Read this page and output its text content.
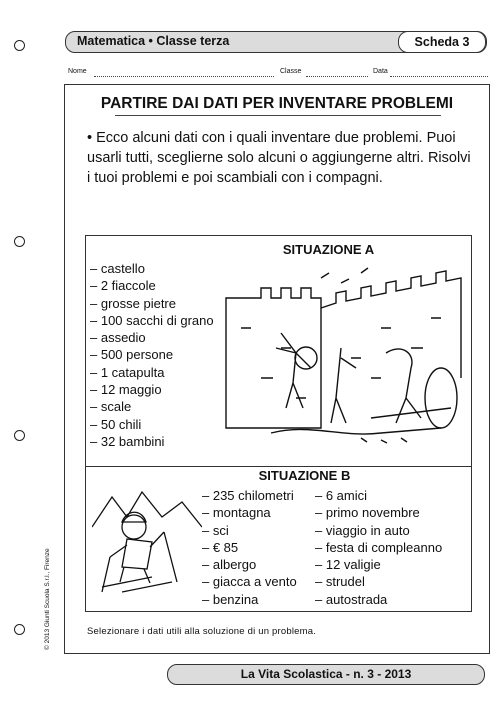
Matematica • Classe terza	Scheda 3
Nome	Classe	Data
PARTIRE DAI DATI PER INVENTARE PROBLEMI
• Ecco alcuni dati con i quali inventare due problemi. Puoi usarli tutti, sceglierne solo alcuni o aggiungerne altri. Risolvi i tuoi problemi e poi scambiali con i compagni.
SITUAZIONE A
– castello
– 2 fiaccole
– grosse pietre
– 100 sacchi di grano
– assedio
– 500 persone
– 1 catapulta
– 12 maggio
– scale
– 50 chili
– 32 bambini
SITUAZIONE B
– 235 chilometri
– montagna
– sci
– € 85
– albergo
– giacca a vento
– benzina
– 6 amici
– primo novembre
– viaggio in auto
– festa di compleanno
– 12 valigie
– strudel
– autostrada
Selezionare i dati utili alla soluzione di un problema.
La Vita Scolastica - n. 3 - 2013
© 2013 Giunti Scuola S.r.l., Firenze
